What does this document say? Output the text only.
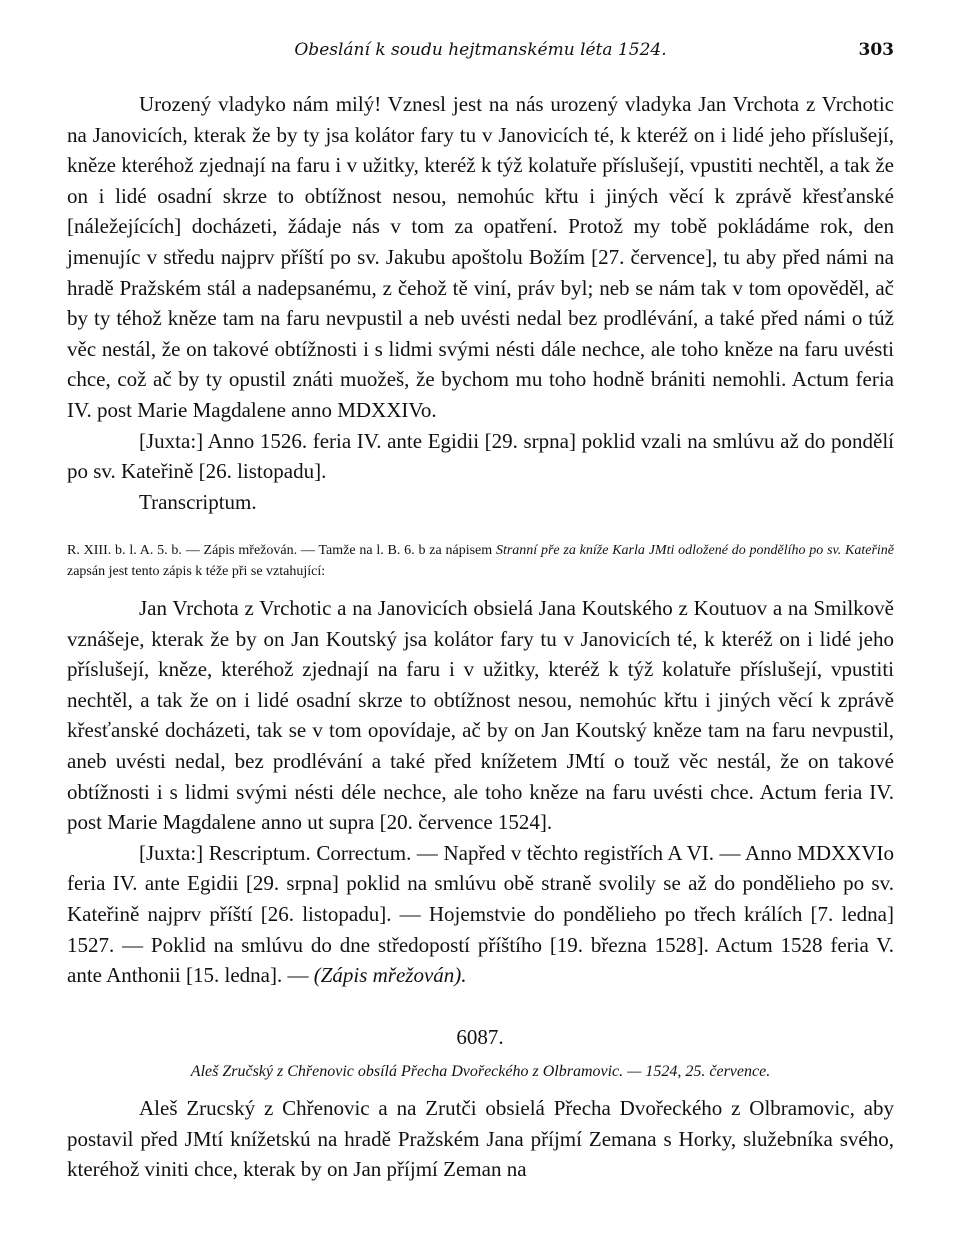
Obeslání k soudu hejtmanskému léta 1524.	303

Urozený vladyko nám milý! Vznesl jest na nás urozený vladyka Jan Vrchota z Vrchotic na Janovicích, kterak že by ty jsa kolátor fary tu v Janovicích té, k kteréž on i lidé jeho příslušejí, kněze kteréhož zjednají na faru i v užitky, kteréž k týž kolatuře příslušejí, vpustiti nechtěl, a tak že on i lidé osadní skrze to obtížnost nesou, nemohúc křtu i jiných věcí k zprávě křesťanské [náležejících] docházeti, žádaje nás v tom za opatření. Protož my tobě pokládáme rok, den jmenujíc v středu najprv příští po sv. Jakubu apoštolu Božím [27. července], tu aby před námi na hradě Pražském stál a nadepsanému, z čehož tě viní, práv byl; neb se nám tak v tom opověděl, ač by ty téhož kněze tam na faru nevpustil a neb uvésti nedal bez prodlévání, a také před námi o túž věc nestál, že on takové obtížnosti i s lidmi svými nésti dále nechce, ale toho kněze na faru uvésti chce, což ač by ty opustil znáti muožeš, že bychom mu toho hodně brániti nemohli. Actum feria IV. post Marie Magdalene anno MDXXIVo.

[Juxta:] Anno 1526. feria IV. ante Egidii [29. srpna] poklid vzali na smlúvu až do pondělí po sv. Kateřině [26. listopadu].

Transcriptum.

R. XIII. b. l. A. 5. b. — Zápis mřežován. — Tamže na l. B. 6. b za nápisem Stranní pře za kníže Karla JMti odložené do pondělího po sv. Kateřině zapsán jest tento zápis k téže při se vztahující:

Jan Vrchota z Vrchotic a na Janovicích obsielá Jana Koutského z Koutuov a na Smilkově vznášeje, kterak že by on Jan Koutský jsa kolátor fary tu v Janovicích té, k kteréž on i lidé jeho příslušejí, kněze, kteréhož zjednají na faru i v užitky, kteréž k týž kolatuře příslušejí, vpustiti nechtěl, a tak že on i lidé osadní skrze to obtížnost nesou, nemohúc křtu i jiných věcí k zprávě křesťanské docházeti, tak se v tom opovídaje, ač by on Jan Koutský kněze tam na faru nevpustil, aneb uvésti nedal, bez prodlévání a také před knížetem JMtí o touž věc nestál, že on takové obtížnosti i s lidmi svými nésti déle nechce, ale toho kněze na faru uvésti chce. Actum feria IV. post Marie Magdalene anno ut supra [20. července 1524].

[Juxta:] Rescriptum. Correctum. — Napřed v těchto registřích A VI. — Anno MDXXVIo feria IV. ante Egidii [29. srpna] poklid na smlúvu obě straně svolily se až do pondělieho po sv. Kateřině najprv příští [26. listopadu]. — Hojemstvie do pondělieho po třech králích [7. ledna] 1527. — Poklid na smlúvu do dne středopostí příštího [19. března 1528]. Actum 1528 feria V. ante Anthonii [15. ledna]. — (Zápis mřežován).

6087.
Aleš Zručský z Chřenovic obsílá Přecha Dvořeckého z Olbramovic. — 1524, 25. července.

Aleš Zrucský z Chřenovic a na Zrutči obsielá Přecha Dvořeckého z Olbramovic, aby postavil před JMtí knížetskú na hradě Pražském Jana příjmí Zemana s Horky, služebníka svého, kteréhož viniti chce, kterak by on Jan příjmí Zeman na
